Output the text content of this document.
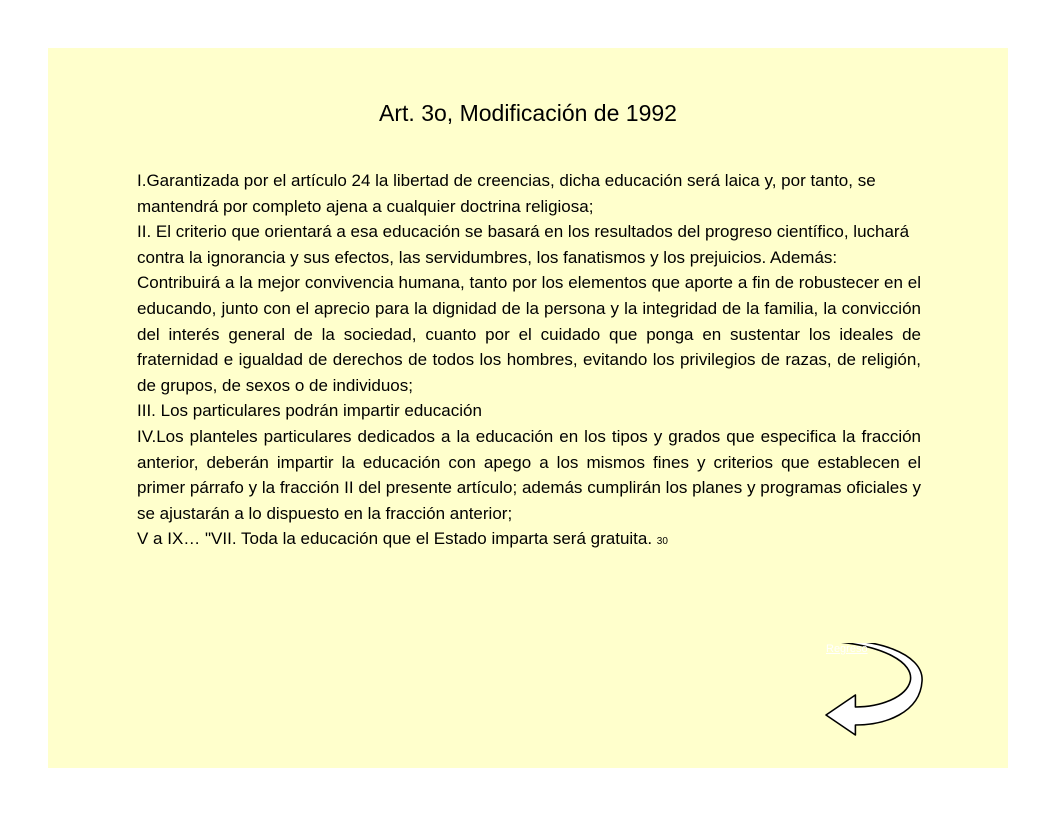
Art. 3o, Modificación de 1992

I.Garantizada por el artículo 24 la libertad de creencias, dicha educación será laica y, por tanto, se mantendrá por completo ajena a cualquier doctrina religiosa;

II. El criterio que orientará a esa educación se basará en los resultados del progreso científico, luchará contra la ignorancia y sus efectos, las servidumbres, los fanatismos y los prejuicios. Además:

Contribuirá a la mejor convivencia humana, tanto por los elementos que aporte a fin de robustecer en el educando, junto con el aprecio para la dignidad de la persona y la integridad de la familia, la convicción del interés general de la sociedad, cuanto por el cuidado que ponga en sustentar los ideales de fraternidad e igualdad de derechos de todos los hombres, evitando los privilegios de razas, de religión, de grupos, de sexos o de individuos;

III. Los particulares podrán impartir educación

IV.Los planteles particulares dedicados a la educación en los tipos y grados que especifica la fracción anterior, deberán impartir la educación con apego a los mismos fines y criterios que establecen el primer párrafo y la fracción II del presente artículo; además cumplirán los planes y programas oficiales y se ajustarán a lo dispuesto en la fracción anterior;

V a IX… "VII. Toda la educación que el Estado imparta será gratuita. 30

Regreso
